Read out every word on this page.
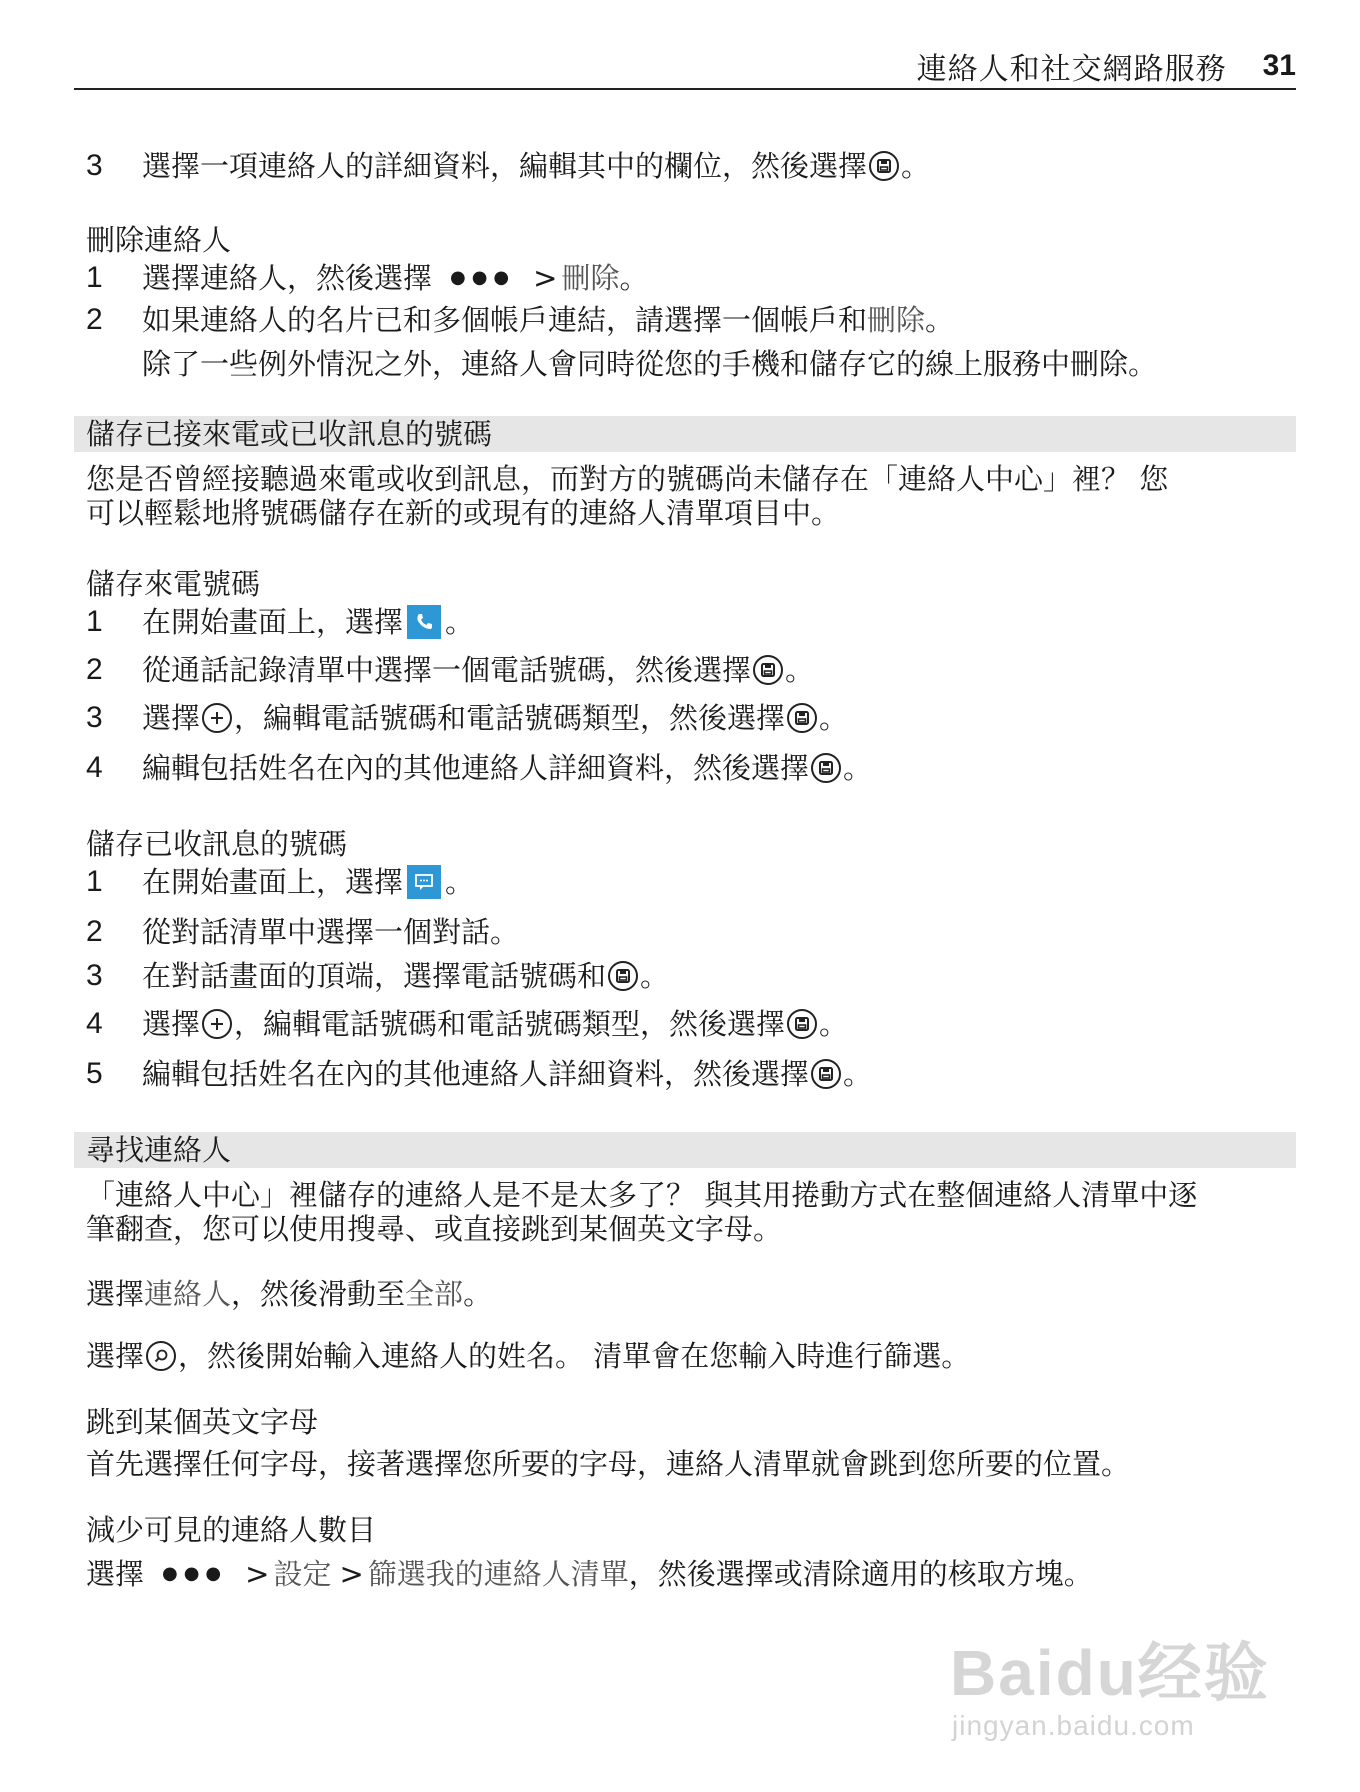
連絡人和社交網路服務 31
3	選擇一項連絡人的詳細資料，編輯其中的欄位，然後選擇 。
刪除連絡人
1	選擇連絡人，然後選擇 ●●● > 刪除 。
2	如果連絡人的名片已和多個帳戶連結，請選擇一個帳戶和 刪除 。
除了一些例外情況之外，連絡人會同時從您的手機和儲存它的線上服務中刪除。
您是否曾經接聽過來電或收到訊息，而對方的號碼尚未儲存在「連絡人中心」裡？ 您
可以輕鬆地將號碼儲存在新的或現有的連絡人清單項目中。
儲存來電號碼
1	在開始畫面上，選擇 。
2	從通話記錄清單中選擇一個電話號碼，然後選擇 。
3	選擇 ，編輯電話號碼和電話號碼類型，然後選擇 。
4	編輯包括姓名在內的其他連絡人詳細資料，然後選擇 。
儲存已收訊息的號碼
1	在開始畫面上，選擇 。
2	從對話清單中選擇一個對話。
3	在對話畫面的頂端，選擇電話號碼和 。
4	選擇 ，編輯電話號碼和電話號碼類型，然後選擇 。
5	編輯包括姓名在內的其他連絡人詳細資料，然後選擇 。
「連絡人中心」裡儲存的連絡人是不是太多了？ 與其用捲動方式在整個連絡人清單中逐
筆翻查，您可以使用搜尋、或直接跳到某個英文字母。
選擇連絡人，然後滑動至全部。
選擇 ，然後開始輸入連絡人的姓名。 清單會在您輸入時進行篩選。
跳到某個英文字母
首先選擇任何字母，接著選擇您所要的字母，連絡人清單就會跳到您所要的位置。
減少可見的連絡人數目
選擇 ●●● > 設定 > 篩選我的連絡人清單 ，然後選擇或清除適用的核取方塊。
儲存已接來電或已收訊息的號碼
尋找連絡人
Baidu经验
jingyan.baidu.com
